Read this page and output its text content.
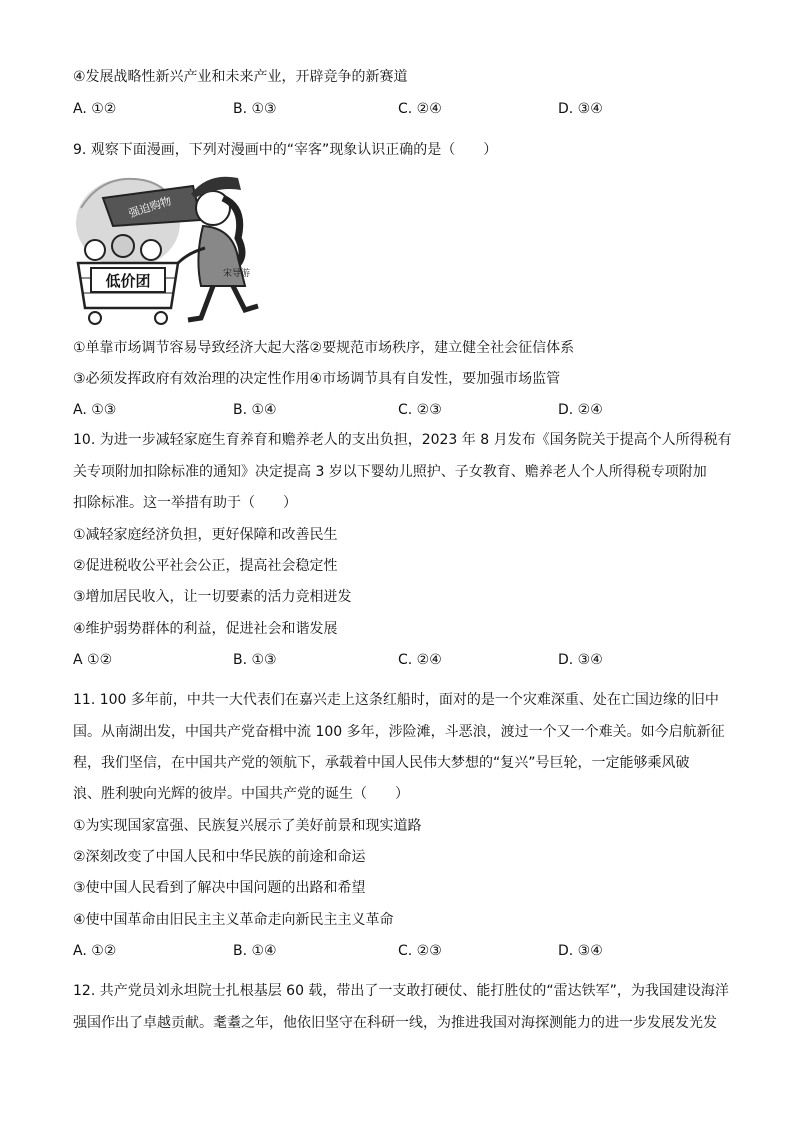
④发展战略性新兴产业和未来产业，开辟竞争的新赛道
A. ①②	B. ①③	C. ②④	D. ③④
9. 观察下面漫画，下列对漫画中的“宰客”现象认识正确的是（　　）
强迫购物
宋导游
低价团
①单靠市场调节容易导致经济大起大落②要规范市场秩序，建立健全社会征信体系
③必须发挥政府有效治理的决定性作用④市场调节具有自发性，要加强市场监管
A. ①③	B. ①④	C. ②③	D. ②④
10. 为进一步减轻家庭生育养育和赡养老人的支出负担，2023 年 8 月发布《国务院关于提高个人所得税有
关专项附加扣除标准的通知》决定提高 3 岁以下婴幼儿照护、子女教育、赡养老人个人所得税专项附加
扣除标准。这一举措有助于（　　）
①减轻家庭经济负担，更好保障和改善民生
②促进税收公平社会公正，提高社会稳定性
③增加居民收入，让一切要素的活力竞相迸发
④维护弱势群体的利益，促进社会和谐发展
A ①②	B. ①③	C. ②④	D. ③④
11. 100 多年前，中共一大代表们在嘉兴走上这条红船时，面对的是一个灾难深重、处在亡国边缘的旧中
国。从南湖出发，中国共产党奋楫中流 100 多年，涉险滩，斗恶浪，渡过一个又一个难关。如今启航新征
程，我们坚信，在中国共产党的领航下，承载着中国人民伟大梦想的“复兴”号巨轮，一定能够乘风破
浪、胜利驶向光辉的彼岸。中国共产党的诞生（　　）
①为实现国家富强、民族复兴展示了美好前景和现实道路
②深刻改变了中国人民和中华民族的前途和命运
③使中国人民看到了解决中国问题的出路和希望
④使中国革命由旧民主主义革命走向新民主主义革命
A. ①②	B. ①④	C. ②③	D. ③④
12. 共产党员刘永坦院士扎根基层 60 载，带出了一支敢打硬仗、能打胜仗的“雷达铁军”，为我国建设海洋
强国作出了卓越贡献。耄耋之年，他依旧坚守在科研一线，为推进我国对海探测能力的进一步发展发光发
